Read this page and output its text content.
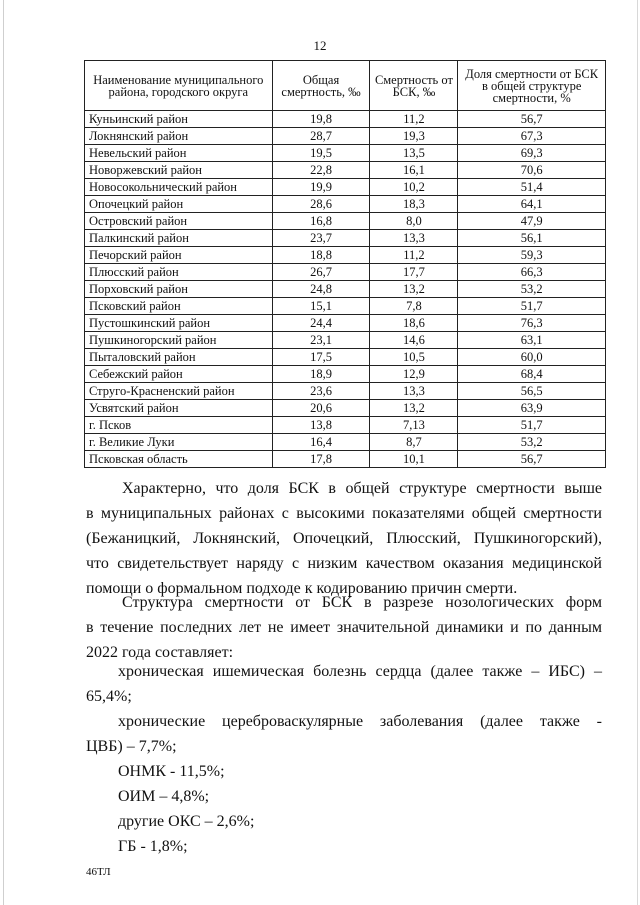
12
Наименование муниципального района, городского округа	Общая смертность, ‰	Смертность от БСК, ‰	Доля смертности от БСК в общей структуре смертности, %
Куньинский район	19,8	11,2	56,7
Локнянский район	28,7	19,3	67,3
Невельский район	19,5	13,5	69,3
Новоржевский район	22,8	16,1	70,6
Новосокольнический район	19,9	10,2	51,4
Опочецкий район	28,6	18,3	64,1
Островский район	16,8	8,0	47,9
Палкинский район	23,7	13,3	56,1
Печорский район	18,8	11,2	59,3
Плюсский район	26,7	17,7	66,3
Порховский район	24,8	13,2	53,2
Псковский район	15,1	7,8	51,7
Пустошкинский район	24,4	18,6	76,3
Пушкиногорский район	23,1	14,6	63,1
Пыталовский район	17,5	10,5	60,0
Себежский район	18,9	12,9	68,4
Струго-Красненский район	23,6	13,3	56,5
Усвятский район	20,6	13,2	63,9
г. Псков	13,8	7,13	51,7
г. Великие Луки	16,4	8,7	53,2
Псковская область	17,8	10,1	56,7
Характерно, что доля БСК в общей структуре смертности выше
в муниципальных районах с высокими показателями общей смертности
(Бежаницкий, Локнянский, Опочецкий, Плюсский, Пушкиногорский),
что свидетельствует наряду с низким качеством оказания медицинской
помощи о формальном подходе к кодированию причин смерти.
Структура смертности от БСК в разрезе нозологических форм
в течение последних лет не имеет значительной динамики и по данным
2022 года составляет:
хроническая ишемическая болезнь сердца (далее также – ИБС) –
65,4%;
хронические цереброваскулярные заболевания (далее также -
ЦВБ) – 7,7%;
ОНМК - 11,5%;
ОИМ – 4,8%;
другие ОКС – 2,6%;
ГБ - 1,8%;
46ТЛ
